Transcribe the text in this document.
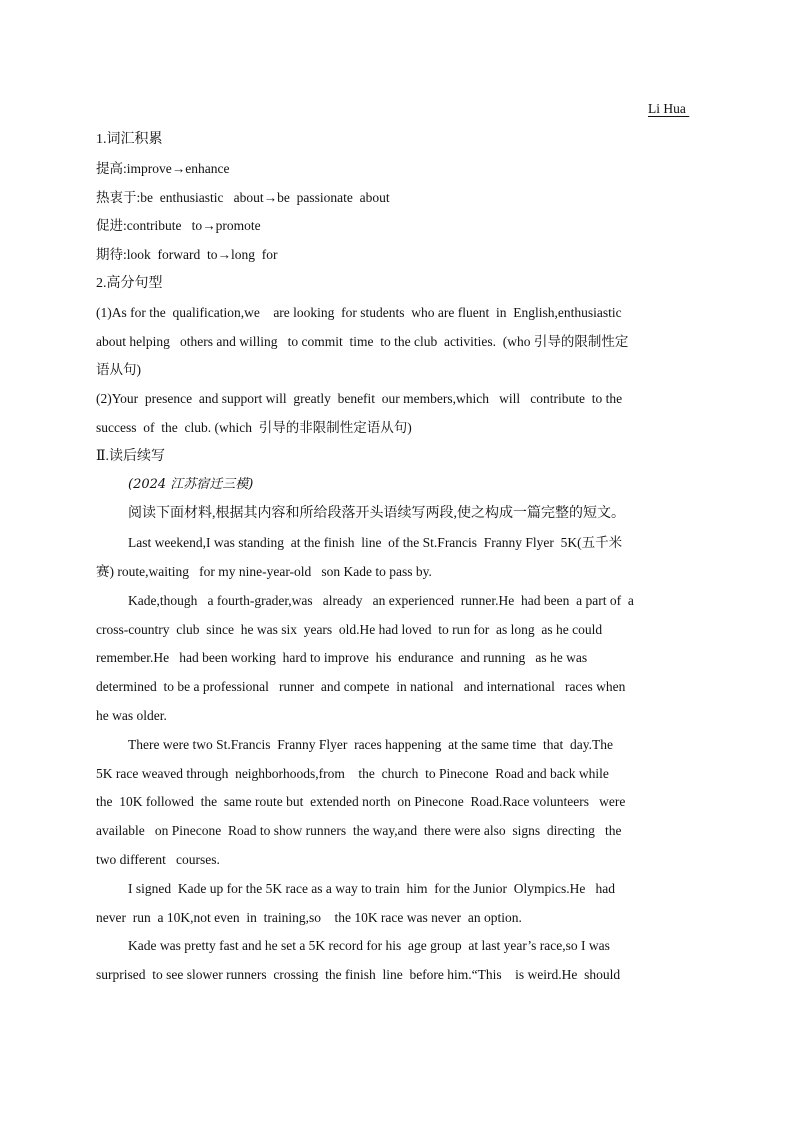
Li Hua
1.词汇积累
提高:improve→enhance
热衷于:be  enthusiastic   about→be  passionate  about
促进:contribute   to→promote
期待:look  forward  to→long  for
2.高分句型
(1)As for the  qualification,we    are looking  for students  who are fluent  in  English,enthusiastic
about helping   others and willing   to commit  time  to the club  activities.  (who 引导的限制性定
语从句)
(2)Your  presence  and support will  greatly  benefit  our members,which   will   contribute  to the
success  of  the  club. (which  引导的非限制性定语从句)
Ⅱ.读后续写
(2024 江苏宿迁三模)
阅读下面材料,根据其内容和所给段落开头语续写两段,使之构成一篇完整的短文。
Last weekend,I was standing  at the finish  line  of the St.Francis  Franny Flyer  5K(五千米
赛) route,waiting   for my nine-year-old   son Kade to pass by.
Kade,though   a fourth-grader,was   already   an experienced  runner.He  had been  a part of  a
cross-country  club  since  he was six  years  old.He had loved  to run for  as long  as he could
remember.He   had been working  hard to improve  his  endurance  and running   as he was
determined  to be a professional   runner  and compete  in national   and international   races when
he was older.
There were two St.Francis  Franny Flyer  races happening  at the same time  that  day.The
5K race weaved through  neighborhoods,from    the  church  to Pinecone  Road and back while
the  10K followed  the  same route but  extended north  on Pinecone  Road.Race volunteers   were
available   on Pinecone  Road to show runners  the way,and  there were also  signs  directing   the
two different   courses.
I signed  Kade up for the 5K race as a way to train  him  for the Junior  Olympics.He   had
never  run  a 10K,not even  in  training,so    the 10K race was never  an option.
Kade was pretty fast and he set a 5K record for his  age group  at last year’s race,so I was
surprised  to see slower runners  crossing  the finish  line  before him.“This    is weird.He  should
